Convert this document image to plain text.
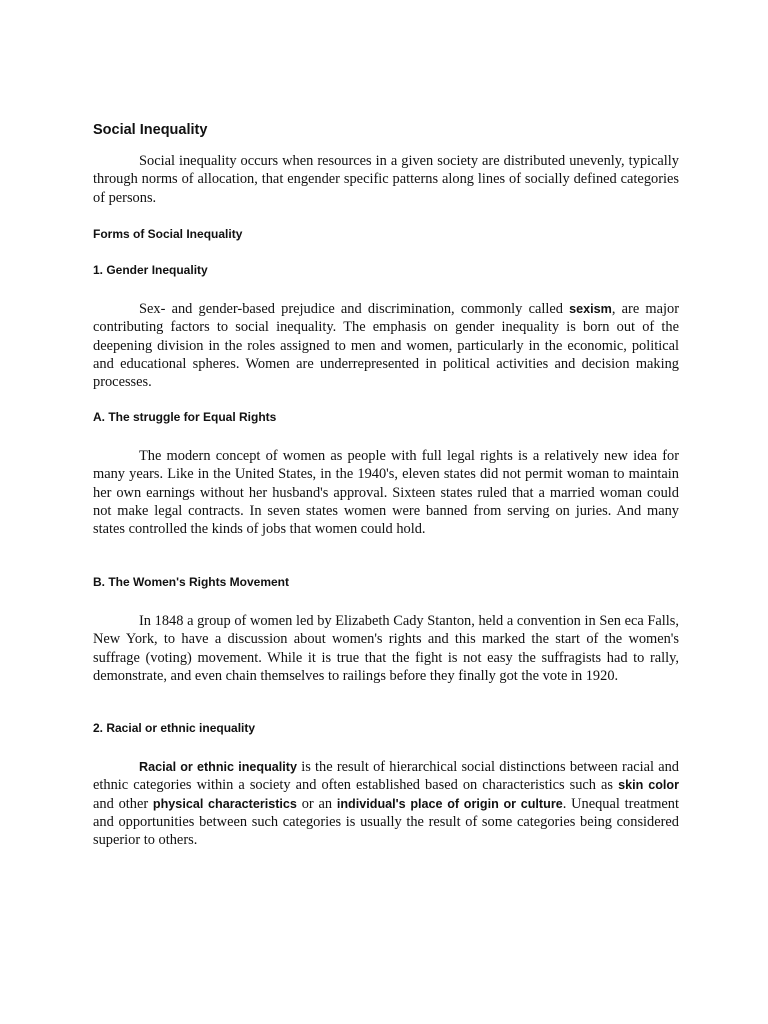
Social Inequality

Social inequality occurs when resources in a given society are distributed unevenly, typically through norms of allocation, that engender specific patterns along lines of socially defined categories of persons.

Forms of Social Inequality
1. Gender Inequality

Sex- and gender-based prejudice and discrimination, commonly called sexism, are major contributing factors to social inequality. The emphasis on gender inequality is born out of the deepening division in the roles assigned to men and women, particularly in the economic, political and educational spheres. Women are underrepresented in political activities and decision making processes.

A. The struggle for Equal Rights

The modern concept of women as people with full legal rights is a relatively new idea for many years. Like in the United States, in the 1940's, eleven states did not permit woman to maintain her own earnings without her husband's approval. Sixteen states ruled that a married woman could not make legal contracts. In seven states women were banned from serving on juries. And many states controlled the kinds of jobs that women could hold.

B. The Women's Rights Movement

In 1848 a group of women led by Elizabeth Cady Stanton, held a convention in Sen eca Falls, New York, to have a discussion about women's rights and this marked the start of the women's suffrage (voting) movement. While it is true that the fight is not easy the suffragists had to rally, demonstrate, and even chain themselves to railings before they finally got the vote in 1920.

2. Racial or ethnic inequality

Racial or ethnic inequality is the result of hierarchical social distinctions between racial and ethnic categories within a society and often established based on characteristics such as skin color and other physical characteristics or an individual's place of origin or culture. Unequal treatment and opportunities between such categories is usually the result of some categories being considered superior to others.
